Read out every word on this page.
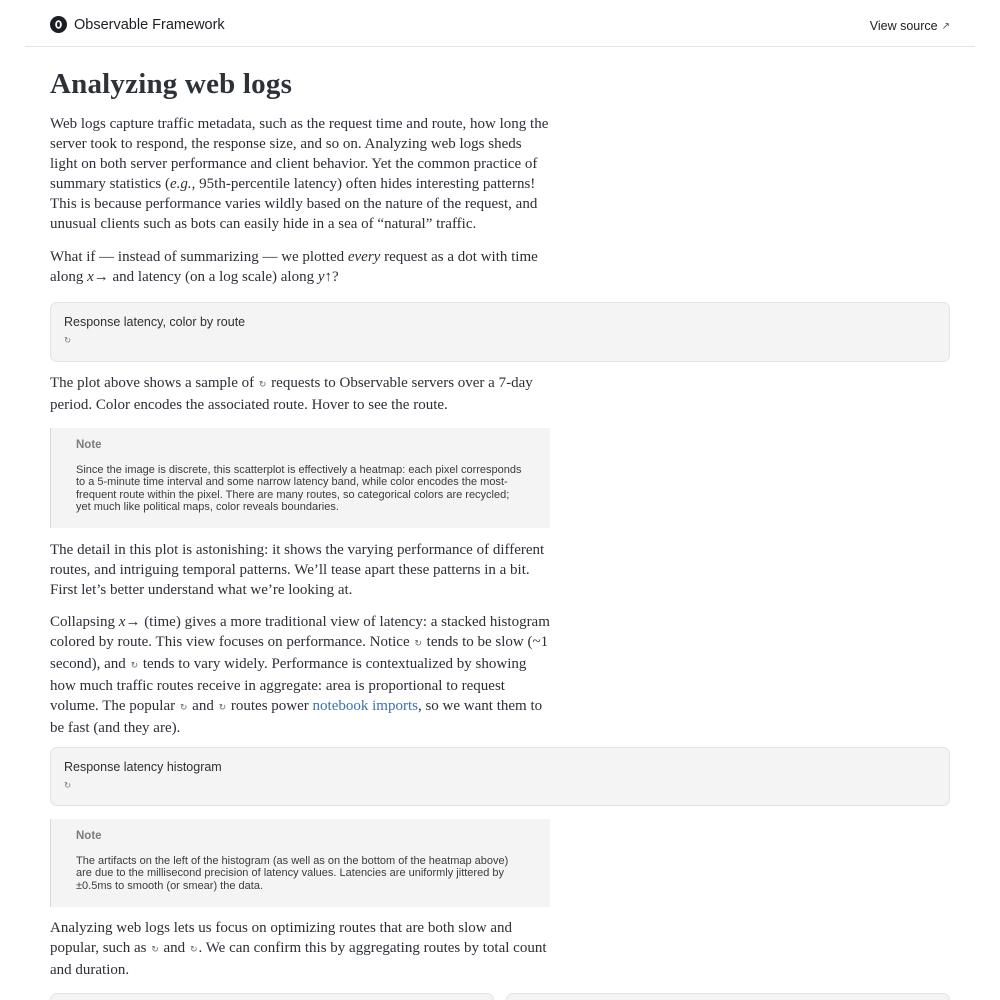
Observable Framework	View source ↗
Analyzing web logs

Web logs capture traffic metadata, such as the request time and route, how long the server took to respond, the response size, and so on. Analyzing web logs sheds light on both server performance and client behavior. Yet the common practice of summary statistics (e.g., 95th-percentile latency) often hides interesting patterns! This is because performance varies wildly based on the nature of the request, and unusual clients such as bots can easily hide in a sea of “natural” traffic.

What if — instead of summarizing — we plotted every request as a dot with time along x→ and latency (on a log scale) along y↑?

Response latency, color by route
↻

The plot above shows a sample of ↻ requests to Observable servers over a 7-day period. Color encodes the associated route. Hover to see the route.

Note
Since the image is discrete, this scatterplot is effectively a heatmap: each pixel corresponds to a 5-minute time interval and some narrow latency band, while color encodes the most-frequent route within the pixel. There are many routes, so categorical colors are recycled; yet much like political maps, color reveals boundaries.

The detail in this plot is astonishing: it shows the varying performance of different routes, and intriguing temporal patterns. We’ll tease apart these patterns in a bit. First let’s better understand what we’re looking at.

Collapsing x→ (time) gives a more traditional view of latency: a stacked histogram colored by route. This view focuses on performance. Notice ↻ tends to be slow (~1 second), and ↻ tends to vary widely. Performance is contextualized by showing how much traffic routes receive in aggregate: area is proportional to request volume. The popular ↻ and ↻ routes power notebook imports, so we want them to be fast (and they are).

Response latency histogram
↻
Note
The artifacts on the left of the histogram (as well as on the bottom of the heatmap above) are due to the millisecond precision of latency values. Latencies are uniformly jittered by ±0.5ms to smooth (or smear) the data.

Analyzing web logs lets us focus on optimizing routes that are both slow and popular, such as ↻ and ↻. We can confirm this by aggregating routes by total count and duration.
